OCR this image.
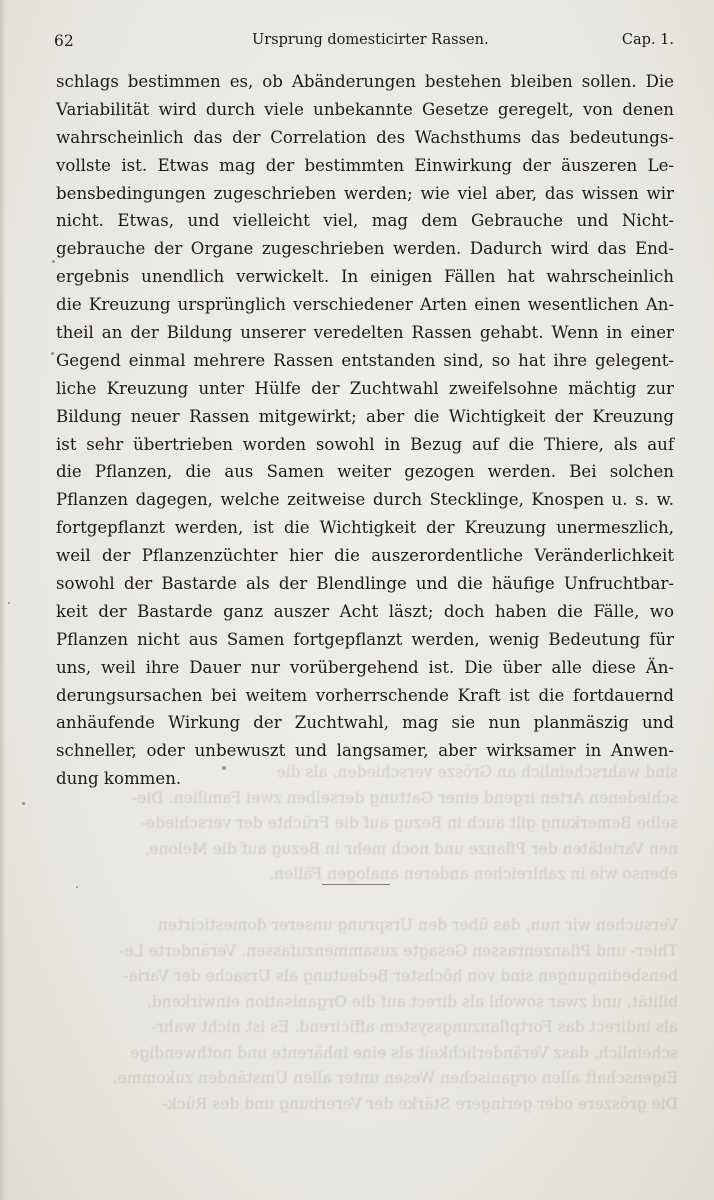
62	Ursprung domesticirter Rassen.	Cap. 1.
sind wahrscheinlich an Grösze verschieden, als die
schiedenen Arten irgend einer Gattung derselben zwei Familien. Die-
selbe Bemerkung gilt auch in Bezug auf die Früchte der verschiede-
nen Varietäten der Pflanze und noch mehr in Bezug auf die Melone,
ebenso wie in zahlreichen anderen analogen Fällen.
Versuchen wir nun, das über den Ursprung unserer domesticirten
Thier- und Pflanzenrassen Gesagte zusammenzufassen. Veränderte Le-
bensbedingungen sind von höchster Bedeutung als Ursache der Varia-
bilität, und zwar sowohl als direct auf die Organisation einwirkend,
als indirect das Fortpflanzungssystem afficirend. Es ist nicht wahr-
scheinlich, dasz Veränderlichkeit als eine inhärente und nothwendige
Eigenschaft allen organischen Wesen unter allen Umständen zukomme.
Die gröszere oder geringere Stärke der Vererbung und des Rück-
schlags bestimmen es, ob Abänderungen bestehen bleiben sollen. Die
Variabilität wird durch viele unbekannte Gesetze geregelt, von denen
wahrscheinlich das der Correlation des Wachsthums das bedeutungs-
vollste ist. Etwas mag der bestimmten Einwirkung der äuszeren Le-
bensbedingungen zugeschrieben werden; wie viel aber, das wissen wir
nicht. Etwas, und vielleicht viel, mag dem Gebrauche und Nicht-
gebrauche der Organe zugeschrieben werden. Dadurch wird das End-
ergebnis unendlich verwickelt. In einigen Fällen hat wahrscheinlich
die Kreuzung ursprünglich verschiedener Arten einen wesentlichen An-
theil an der Bildung unserer veredelten Rassen gehabt. Wenn in einer
Gegend einmal mehrere Rassen entstanden sind, so hat ihre gelegent-
liche Kreuzung unter Hülfe der Zuchtwahl zweifelsohne mächtig zur
Bildung neuer Rassen mitgewirkt; aber die Wichtigkeit der Kreuzung
ist sehr übertrieben worden sowohl in Bezug auf die Thiere, als auf
die Pflanzen, die aus Samen weiter gezogen werden. Bei solchen
Pflanzen dagegen, welche zeitweise durch Stecklinge, Knospen u. s. w.
fortgepflanzt werden, ist die Wichtigkeit der Kreuzung unermeszlich,
weil der Pflanzenzüchter hier die auszerordentliche Veränderlichkeit
sowohl der Bastarde als der Blendlinge und die häufige Unfruchtbar-
keit der Bastarde ganz auszer Acht läszt; doch haben die Fälle, wo
Pflanzen nicht aus Samen fortgepflanzt werden, wenig Bedeutung für
uns, weil ihre Dauer nur vorübergehend ist. Die über alle diese Än-
derungsursachen bei weitem vorherrschende Kraft ist die fortdauernd
anhäufende Wirkung der Zuchtwahl, mag sie nun planmäszig und
schneller, oder unbewuszt und langsamer, aber wirksamer in Anwen-
dung kommen.
